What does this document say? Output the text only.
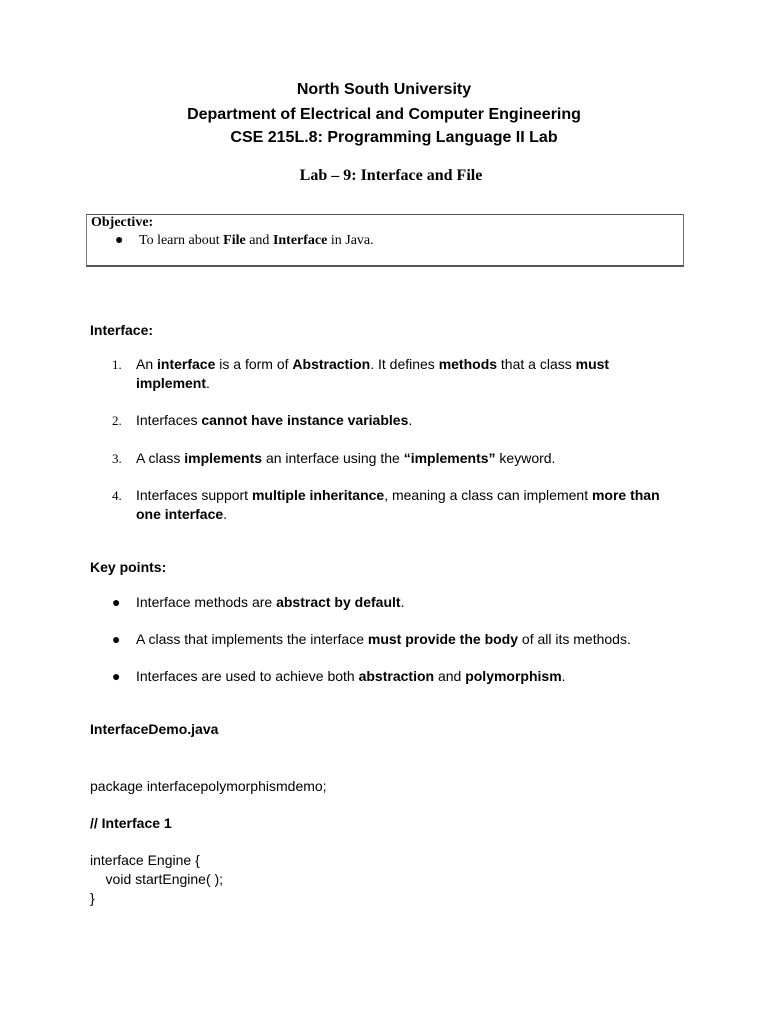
North South University
Department of Electrical and Computer Engineering
CSE 215L.8: Programming Language II Lab
Lab – 9: Interface and File
Objective:
● To learn about File and Interface in Java.
Interface:
1.	An interface is a form of Abstraction. It defines methods that a class must implement.
2.	Interfaces cannot have instance variables.
3.	A class implements an interface using the “implements” keyword.
4.	Interfaces support multiple inheritance, meaning a class can implement more than one interface.
Key points:
●	Interface methods are abstract by default.
●	A class that implements the interface must provide the body of all its methods.
●	Interfaces are used to achieve both abstraction and polymorphism.
InterfaceDemo.java
package interfacepolymorphismdemo;
// Interface 1
interface Engine {
void startEngine( );
}
